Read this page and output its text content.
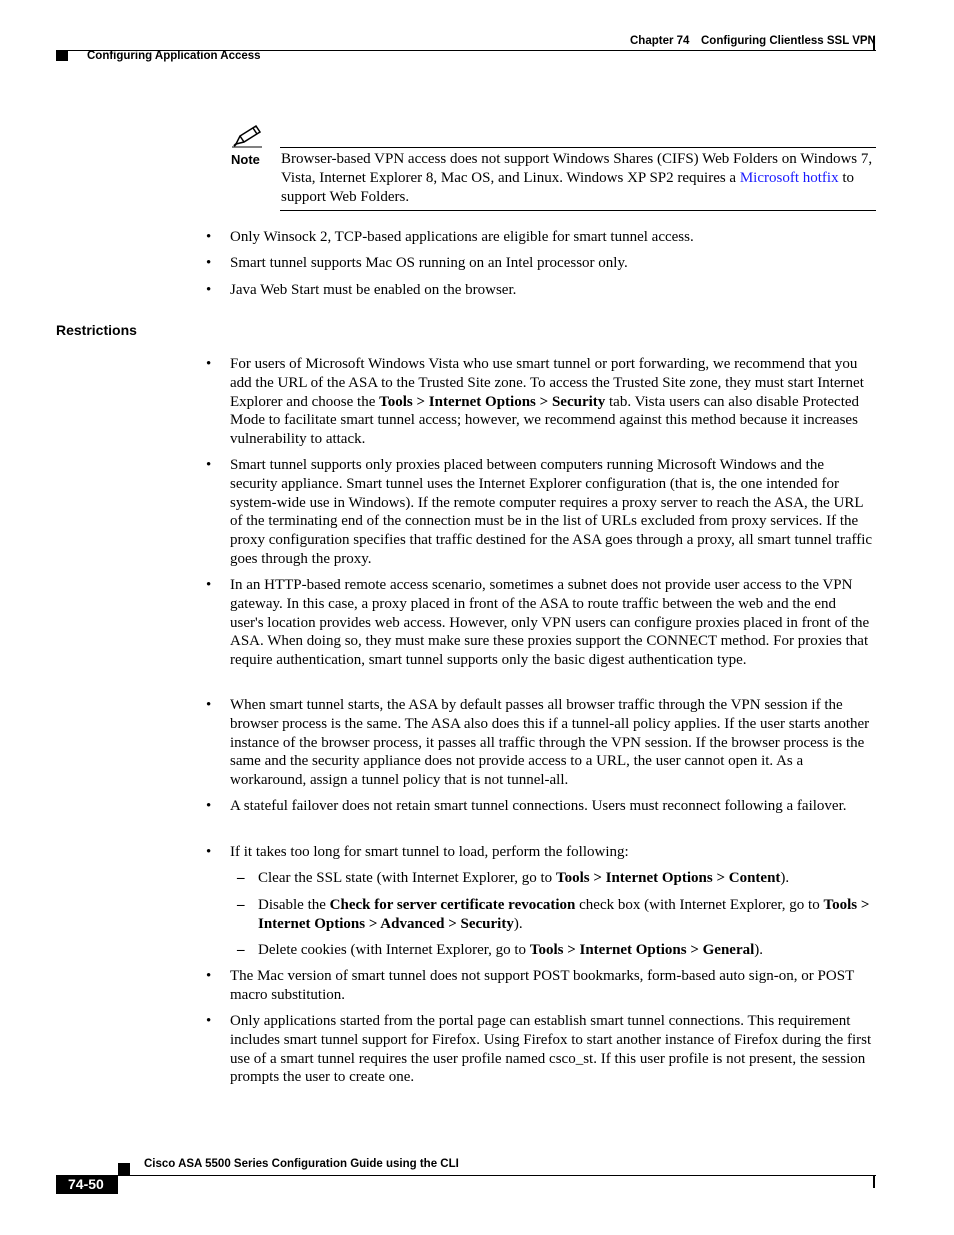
Chapter 74 Configuring Clientless SSL VPN
Configuring Application Access
Note Browser-based VPN access does not support Windows Shares (CIFS) Web Folders on Windows 7, Vista, Internet Explorer 8, Mac OS, and Linux. Windows XP SP2 requires a Microsoft hotfix to support Web Folders.
• Only Winsock 2, TCP-based applications are eligible for smart tunnel access.
• Smart tunnel supports Mac OS running on an Intel processor only.
• Java Web Start must be enabled on the browser.
Restrictions
• For users of Microsoft Windows Vista who use smart tunnel or port forwarding, we recommend that you add the URL of the ASA to the Trusted Site zone. To access the Trusted Site zone, they must start Internet Explorer and choose the Tools > Internet Options > Security tab. Vista users can also disable Protected Mode to facilitate smart tunnel access; however, we recommend against this method because it increases vulnerability to attack.
• Smart tunnel supports only proxies placed between computers running Microsoft Windows and the security appliance. Smart tunnel uses the Internet Explorer configuration (that is, the one intended for system-wide use in Windows). If the remote computer requires a proxy server to reach the ASA, the URL of the terminating end of the connection must be in the list of URLs excluded from proxy services. If the proxy configuration specifies that traffic destined for the ASA goes through a proxy, all smart tunnel traffic goes through the proxy.
• In an HTTP-based remote access scenario, sometimes a subnet does not provide user access to the VPN gateway. In this case, a proxy placed in front of the ASA to route traffic between the web and the end user's location provides web access. However, only VPN users can configure proxies placed in front of the ASA. When doing so, they must make sure these proxies support the CONNECT method. For proxies that require authentication, smart tunnel supports only the basic digest authentication type.
• When smart tunnel starts, the ASA by default passes all browser traffic through the VPN session if the browser process is the same. The ASA also does this if a tunnel-all policy applies. If the user starts another instance of the browser process, it passes all traffic through the VPN session. If the browser process is the same and the security appliance does not provide access to a URL, the user cannot open it. As a workaround, assign a tunnel policy that is not tunnel-all.
• A stateful failover does not retain smart tunnel connections. Users must reconnect following a failover.
• If it takes too long for smart tunnel to load, perform the following:
– Clear the SSL state (with Internet Explorer, go to Tools > Internet Options > Content).
– Disable the Check for server certificate revocation check box (with Internet Explorer, go to Tools > Internet Options > Advanced > Security).
– Delete cookies (with Internet Explorer, go to Tools > Internet Options > General).
• The Mac version of smart tunnel does not support POST bookmarks, form-based auto sign-on, or POST macro substitution.
• Only applications started from the portal page can establish smart tunnel connections. This requirement includes smart tunnel support for Firefox. Using Firefox to start another instance of Firefox during the first use of a smart tunnel requires the user profile named csco_st. If this user profile is not present, the session prompts the user to create one.
Cisco ASA 5500 Series Configuration Guide using the CLI
74-50
